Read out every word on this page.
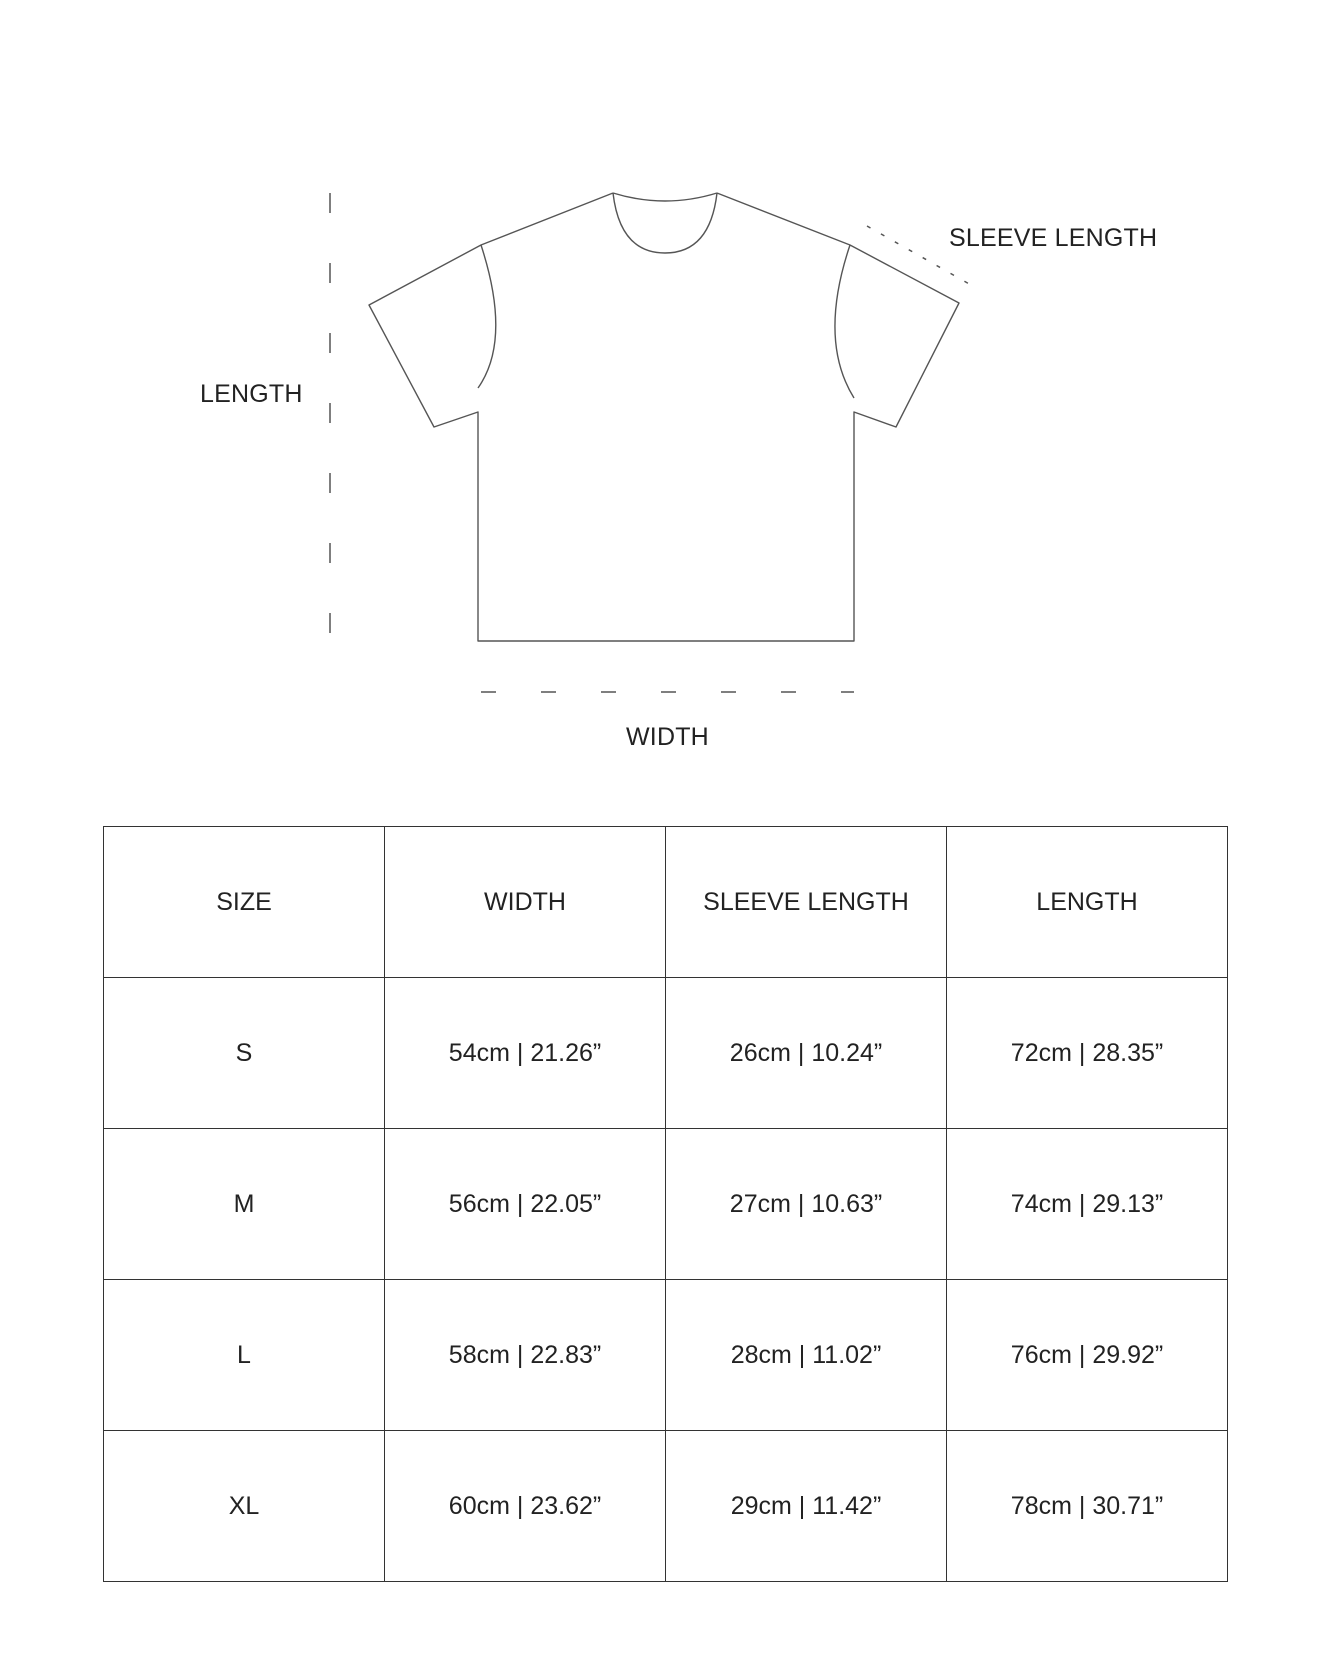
LENGTH
SLEEVE LENGTH
WIDTH
SIZE	WIDTH	SLEEVE LENGTH	LENGTH
S	54cm | 21.26”	26cm | 10.24”	72cm | 28.35”
M	56cm | 22.05”	27cm | 10.63”	74cm | 29.13”
L	58cm | 22.83”	28cm | 11.02”	76cm | 29.92”
XL	60cm | 23.62”	29cm | 11.42”	78cm | 30.71”
